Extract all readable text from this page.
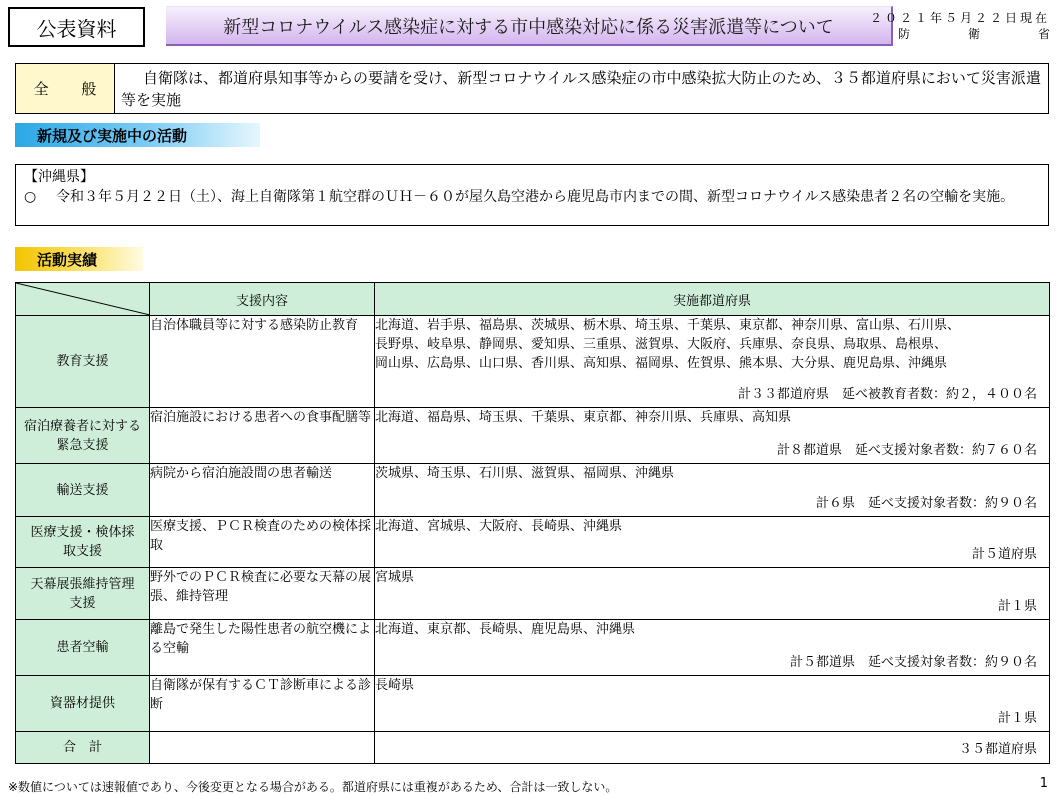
公表資料	新型コロナウイルス感染症に対する市中感染対応に係る災害派遣等について	２０２１年５月２２日現在
防	衛	省
全 般
自衛隊は、都道府県知事等からの要請を受け、新型コロナウイルス感染症の市中感染拡大防止のため、３５都道府県において災害派遣等を実施
新規及び実施中の活動
【沖縄県】
○	令和３年５月２２日（土）、海上自衛隊第１航空群のＵＨ－６０が屋久島空港から鹿児島市内までの間、新型コロナウイルス感染患者２名の空輸を実施。
活動実績
	支援内容	実施都道府県
教育支援	自治体職員等に対する感染防止教育	北海道、岩手県、福島県、茨城県、栃木県、埼玉県、千葉県、東京都、神奈川県、富山県、石川県、
長野県、岐阜県、静岡県、愛知県、三重県、滋賀県、大阪府、兵庫県、奈良県、鳥取県、島根県、
岡山県、広島県、山口県、香川県、高知県、福岡県、佐賀県、熊本県、大分県、鹿児島県、沖縄県
計３３都道府県　延べ被教育者数：約２，４００名

宿泊療養者に対する緊急支援	宿泊施設における患者への食事配膳等	北海道、福島県、埼玉県、千葉県、東京都、神奈川県、兵庫県、高知県
計８都道県　延べ支援対象者数：約７６０名

輸送支援	病院から宿泊施設間の患者輸送	茨城県、埼玉県、石川県、滋賀県、福岡県、沖縄県
計６県　延べ支援対象者数：約９０名

医療支援・検体採取支援	医療支援、ＰＣＲ検査のための検体採取	北海道、宮城県、大阪府、長崎県、沖縄県
計５道府県

天幕展張維持管理支援	野外でのＰＣＲ検査に必要な天幕の展張、維持管理	宮城県
計１県

患者空輸	離島で発生した陽性患者の航空機による空輸	北海道、東京都、長崎県、鹿児島県、沖縄県
計５都道県　延べ支援対象者数：約９０名

資器材提供	自衛隊が保有するＣＴ診断車による診断	長崎県
計１県

合　計		３５都道府県
※数値については速報値であり、今後変更となる場合がある。都道府県には重複があるため、合計は一致しない。	1
